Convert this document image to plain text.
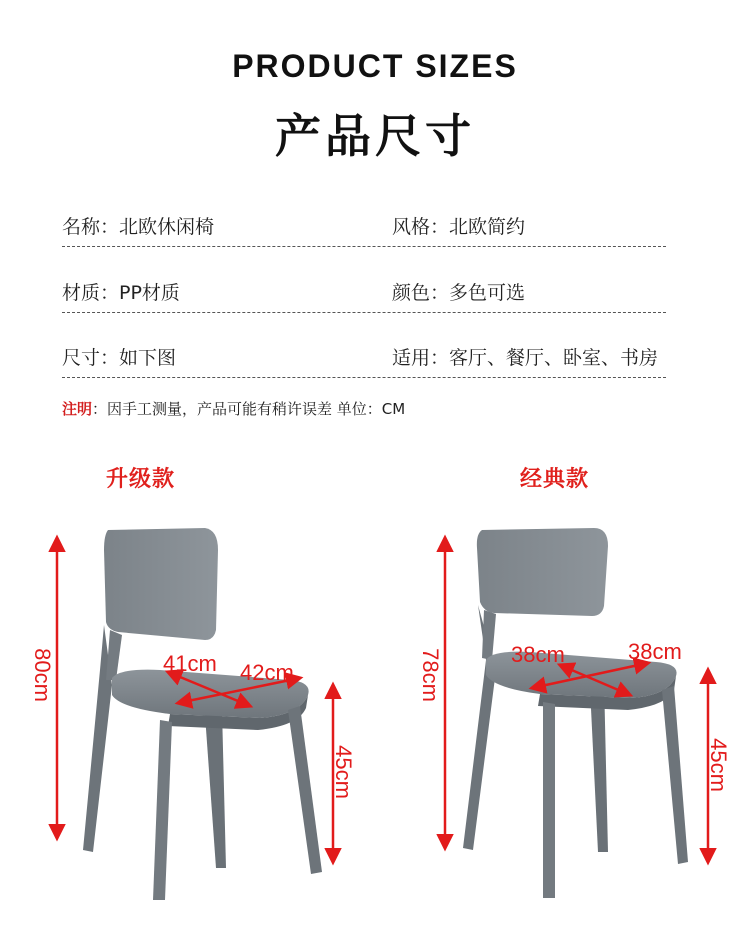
PRODUCT SIZES
产品尺寸
名称：北欧休闲椅	风格：北欧简约
材质：PP材质	颜色：多色可选
尺寸：如下图	适用：客厅、餐厅、卧室、书房
注明：因手工测量，产品可能有稍许误差 单位：CM
升级款	经典款
80cm
45cm
41cm 42cm	78cm
45cm
38cm	38cm
